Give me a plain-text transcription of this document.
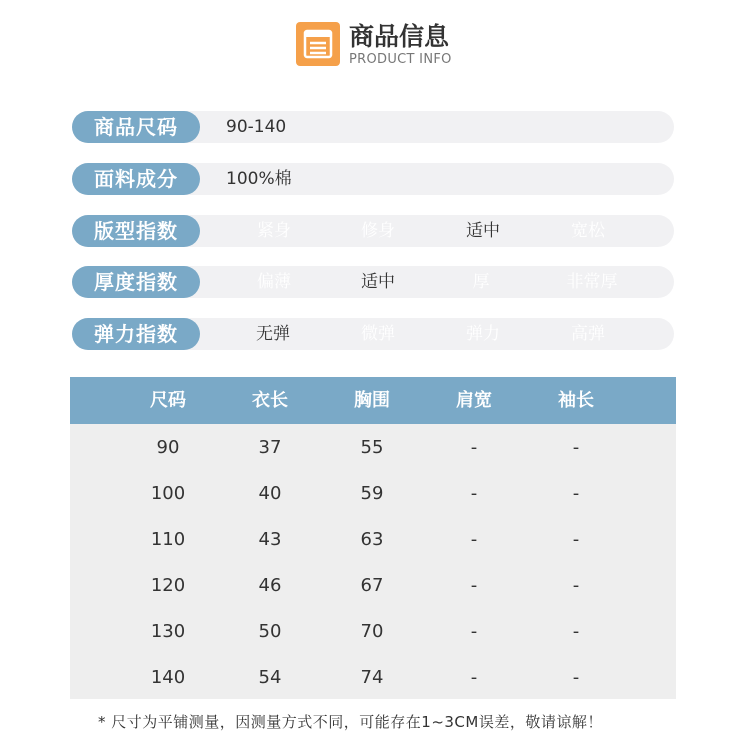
商品信息
PRODUCT INFO
商品尺码	90-140
面料成分	100%棉
版型指数	紧身	修身	适中	宽松
厚度指数	偏薄	适中	厚	非常厚
弹力指数	无弹	微弹	弹力	高弹
尺码	衣长	胸围	肩宽	袖长
90	37	55	-	-
100	40	59	-	-
110	43	63	-	-
120	46	67	-	-
130	50	70	-	-
140	54	74	-	-
* 尺寸为平铺测量，因测量方式不同，可能存在1~3CM误差，敬请谅解！
